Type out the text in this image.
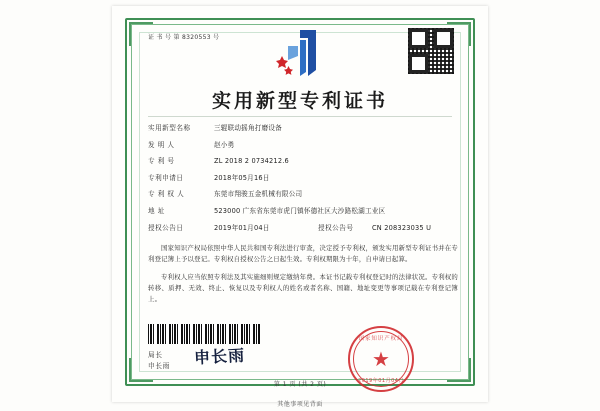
证 书 号 第 8320553 号
实用新型专利证书
实用新型名称	三辊联动摇角打磨设备
发 明 人	赵小勇
专 利 号	ZL 2018 2 0734212.6
专利申请日	2018年05月16日
专 利 权 人	东莞市翔骏五金机械有限公司
地 址	523000 广东省东莞市虎门镇怀德社区大沙路松湖工业区
授权公告日	2019年01月04日	授权公告号	CN 208323035 U

国家知识产权局依照中华人民共和国专利法进行审查，决定授予专利权，颁发实用新型专利证书并在专利登记簿上予以登记。专利权自授权公告之日起生效。专利权期限为十年，自申请日起算。

专利权人应当依照专利法及其实施细则规定缴纳年费。本证书记载专利权登记时的法律状况。专利权的转移、质押、无效、终止、恢复以及专利权人的姓名或者名称、国籍、地址变更等事项记载在专利登记簿上。

局长
申长雨 申长雨
国家知识产权局
★
2019年01月04日
第 1 页 (共 2 页)
其他事项见背面
